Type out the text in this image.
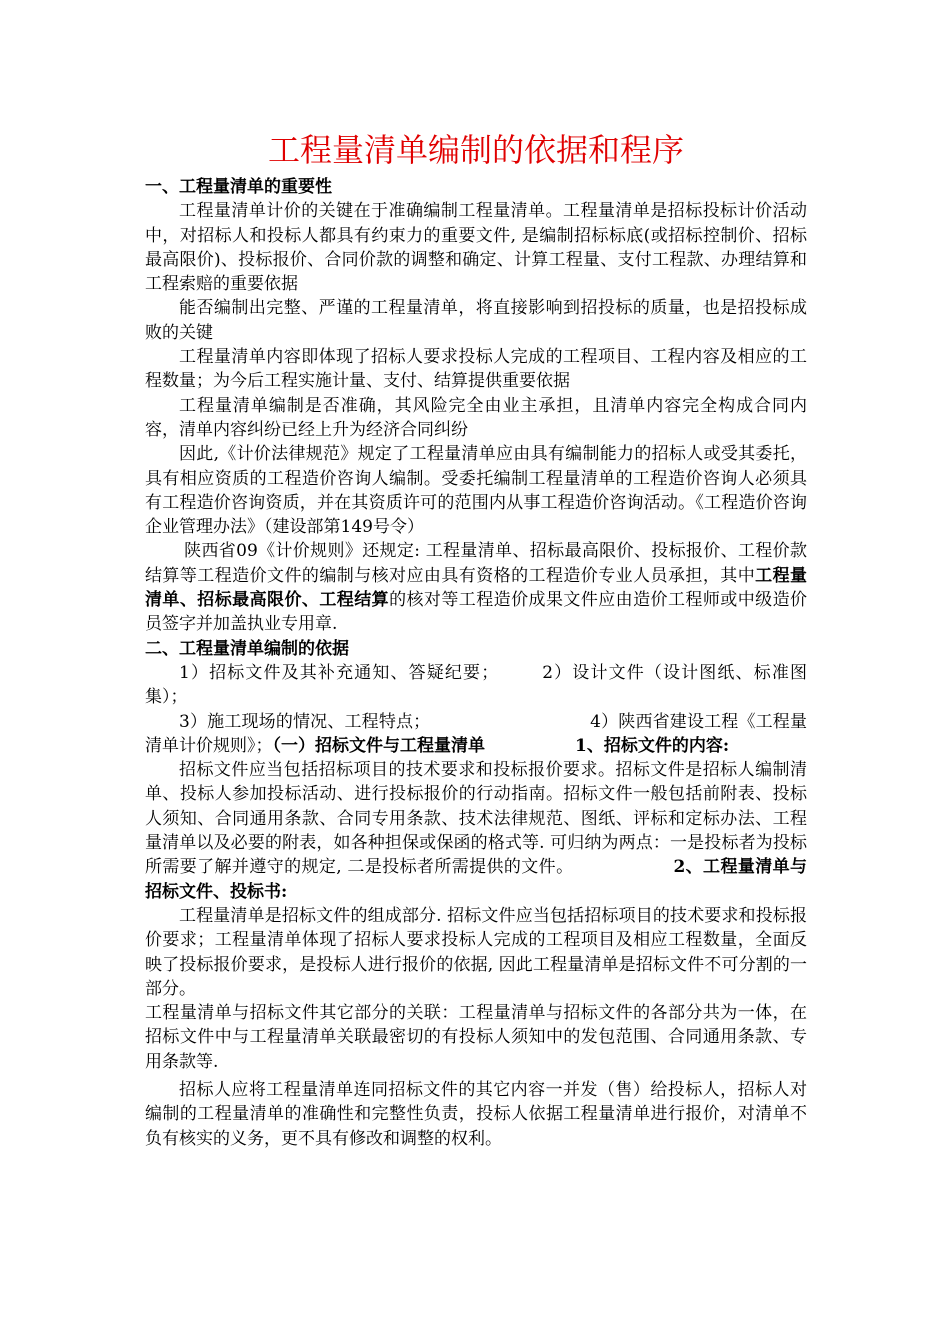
工程量清单编制的依据和程序

一、工程量清单的重要性

工程量清单计价的关键在于准确编制工程量清单。工程量清单是招标投标计价活动中，对招标人和投标人都具有约束力的重要文件, 是编制招标标底(或招标控制价、招标最高限价)、投标报价、合同价款的调整和确定、计算工程量、支付工程款、办理结算和工程索赔的重要依据

能否编制出完整、严谨的工程量清单，将直接影响到招投标的质量，也是招投标成败的关键

工程量清单内容即体现了招标人要求投标人完成的工程项目、工程内容及相应的工程数量；为今后工程实施计量、支付、结算提供重要依据

工程量清单编制是否准确，其风险完全由业主承担，且清单内容完全构成合同内容，清单内容纠纷已经上升为经济合同纠纷

因此,《计价法律规范》规定了工程量清单应由具有编制能力的招标人或受其委托，具有相应资质的工程造价咨询人编制。受委托编制工程量清单的工程造价咨询人必须具有工程造价咨询资质，并在其资质许可的范围内从事工程造价咨询活动。《工程造价咨询企业管理办法》（建设部第149号令）

陕西省09《计价规则》还规定: 工程量清单、招标最高限价、投标报价、工程价款结算等工程造价文件的编制与核对应由具有资格的工程造价专业人员承担，其中工程量清单、招标最高限价、工程结算的核对等工程造价成果文件应由造价工程师或中级造价员签字并加盖执业专用章.

二、工程量清单编制的依据

1）招标文件及其补充通知、答疑纪要；	2）设计文件（设计图纸、标准图集）；

3）施工现场的情况、工程特点；	4）陕西省建设工程《工程量清单计价规则》；（一）招标文件与工程量清单	1、招标文件的内容:

招标文件应当包括招标项目的技术要求和投标报价要求。招标文件是招标人编制清单、投标人参加投标活动、进行投标报价的行动指南。招标文件一般包括前附表、投标人须知、合同通用条款、合同专用条款、技术法律规范、图纸、评标和定标办法、工程量清单以及必要的附表，如各种担保或保函的格式等. 可归纳为两点：一是投标者为投标所需要了解并遵守的规定, 二是投标者所需提供的文件。	2、工程量清单与招标文件、投标书:

工程量清单是招标文件的组成部分. 招标文件应当包括招标项目的技术要求和投标报价要求；工程量清单体现了招标人要求投标人完成的工程项目及相应工程数量，全面反映了投标报价要求，是投标人进行报价的依据, 因此工程量清单是招标文件不可分割的一部分。

工程量清单与招标文件其它部分的关联：工程量清单与招标文件的各部分共为一体，在招标文件中与工程量清单关联最密切的有投标人须知中的发包范围、合同通用条款、专用条款等.

招标人应将工程量清单连同招标文件的其它内容一并发（售）给投标人，招标人对编制的工程量清单的准确性和完整性负责，投标人依据工程量清单进行报价，对清单不负有核实的义务，更不具有修改和调整的权利。
